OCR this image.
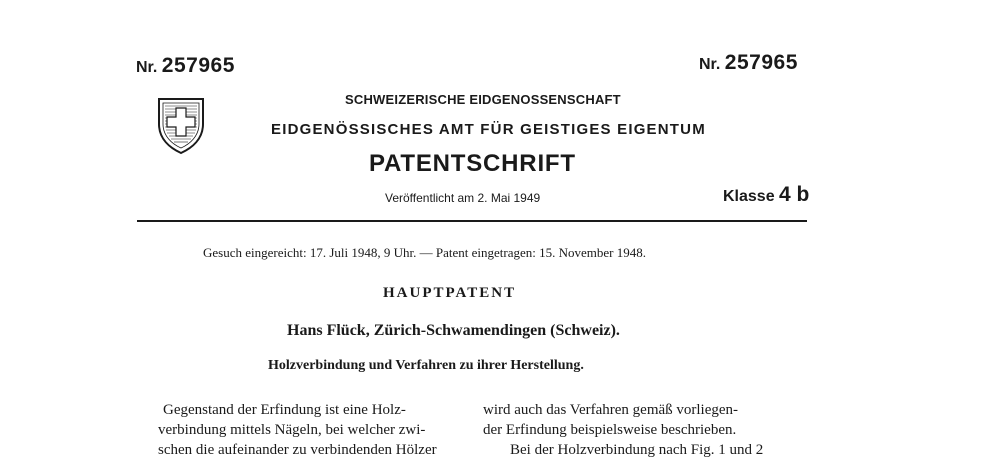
Nr. 257965	Nr. 257965
SCHWEIZERISCHE EIDGENOSSENSCHAFT
EIDGENÖSSISCHES AMT FÜR GEISTIGES EIGENTUM
PATENTSCHRIFT
Veröffentlicht am 2. Mai 1949	Klasse 4 b
Gesuch eingereicht: 17. Juli 1948, 9 Uhr. — Patent eingetragen: 15. November 1948.
HAUPTPATENT
Hans Flück, Zürich-Schwamendingen (Schweiz).
Holzverbindung und Verfahren zu ihrer Herstellung.
Gegenstand der Erfindung ist eine Holz-
verbindung mittels Nägeln, bei welcher zwi-
schen die aufeinander zu verbindenden Hölzer
wird auch das Verfahren gemäß vorliegen-
der Erfindung beispielsweise beschrieben.
Bei der Holzverbindung nach Fig. 1 und 2
